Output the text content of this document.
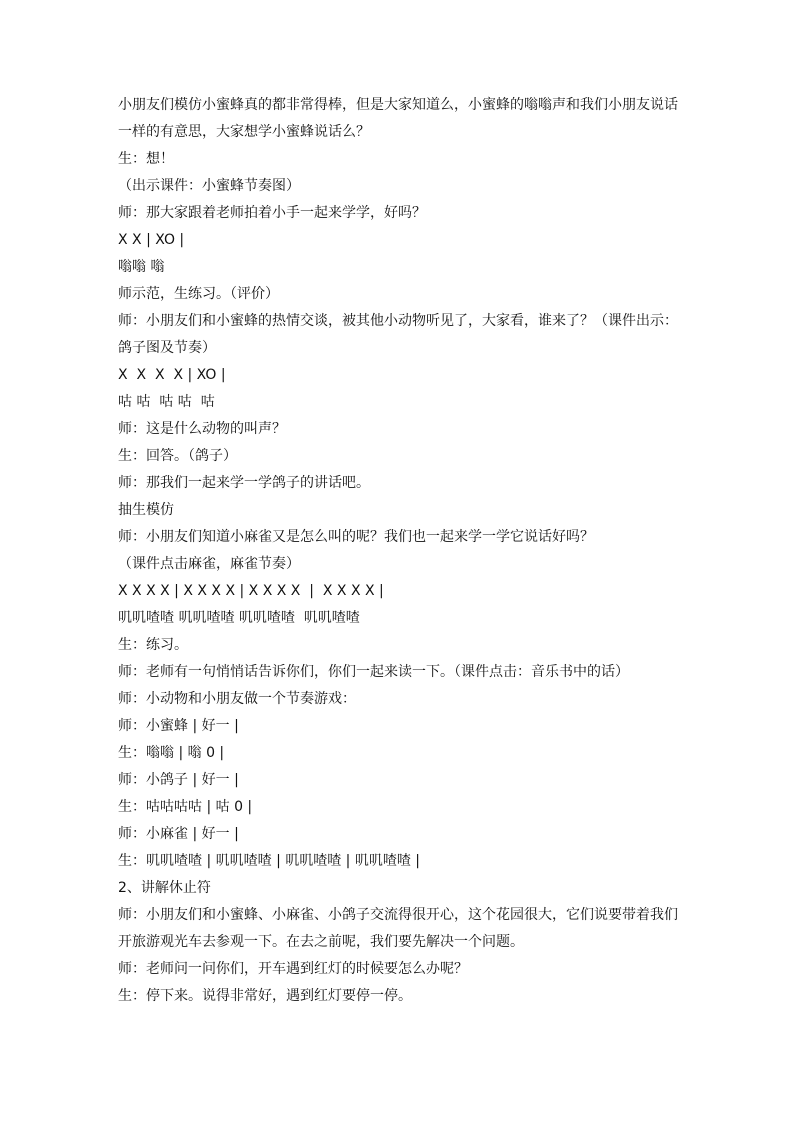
小朋友们模仿小蜜蜂真的都非常得棒，但是大家知道么，小蜜蜂的嗡嗡声和我们小朋友说话
一样的有意思，大家想学小蜜蜂说话么？
生：想！
（出示课件：小蜜蜂节奏图）
师：那大家跟着老师拍着小手一起来学学，好吗？
X X | XO |
嗡嗡 嗡
师示范，生练习。（评价）
师：小朋友们和小蜜蜂的热情交谈，被其他小动物听见了，大家看，谁来了？（课件出示：
鸽子图及节奏）
X  X  X  X | XO |
咕 咕  咕 咕  咕
师：这是什么动物的叫声？
生：回答。（鸽子）
师：那我们一起来学一学鸽子的讲话吧。
抽生模仿
师：小朋友们知道小麻雀又是怎么叫的呢？我们也一起来学一学它说话好吗？
（课件点击麻雀，麻雀节奏）
X X X X | X X X X | X X X X  |  X X X X |
叽叽喳喳 叽叽喳喳 叽叽喳喳  叽叽喳喳
生：练习。
师：老师有一句悄悄话告诉你们，你们一起来读一下。（课件点击：音乐书中的话）
师：小动物和小朋友做一个节奏游戏：
师：小蜜蜂 | 好一 |
生：嗡嗡 | 嗡 0 |
师：小鸽子 | 好一 |
生：咕咕咕咕 | 咕 0 |
师：小麻雀 | 好一 |
生：叽叽喳喳 | 叽叽喳喳 | 叽叽喳喳 | 叽叽喳喳 |
2、讲解休止符
师：小朋友们和小蜜蜂、小麻雀、小鸽子交流得很开心，这个花园很大，它们说要带着我们
开旅游观光车去参观一下。在去之前呢，我们要先解决一个问题。
师：老师问一问你们，开车遇到红灯的时候要怎么办呢？
生：停下来。说得非常好，遇到红灯要停一停。
